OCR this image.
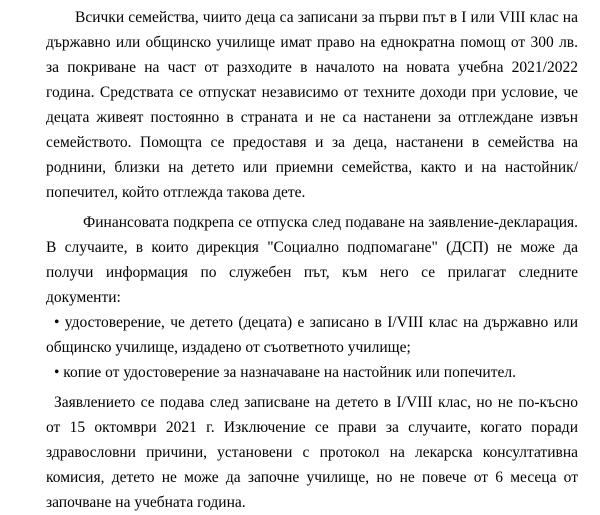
Всички семейства, чиито деца са записани за първи път в I или VIII клас на държавно или общинско училище имат право на еднократна помощ от 300 лв. за покриване на част от разходите в началото на новата учебна 2021/2022 година. Средствата се отпускат независимо от техните доходи при условие, че децата живеят постоянно в страната и не са настанени за отглеждане извън семейството. Помощта се предоставя и за деца, настанени в семейства на роднини, близки на детето или приемни семейства, както и на настойник/попечител, който отглежда такова дете.

Финансовата подкрепа се отпуска след подаване на заявление-декларация. В случаите, в които дирекция "Социално подпомагане" (ДСП) не може да получи информация по служебен път, към него се прилагат следните документи:

• удостоверение, че детето (децата) е записано в I/VIII клас на държавно или общинско училище, издадено от съответното училище;

• копие от удостоверение за назначаване на настойник или попечител.

Заявлението се подава след записване на детето в I/VIII клас, но не по-късно от 15 октомври 2021 г. Изключение се прави за случаите, когато поради здравословни причини, установени с протокол на лекарска консултативна комисия, детето не може да започне училище, но не повече от 6 месеца от започване на учебната година.
